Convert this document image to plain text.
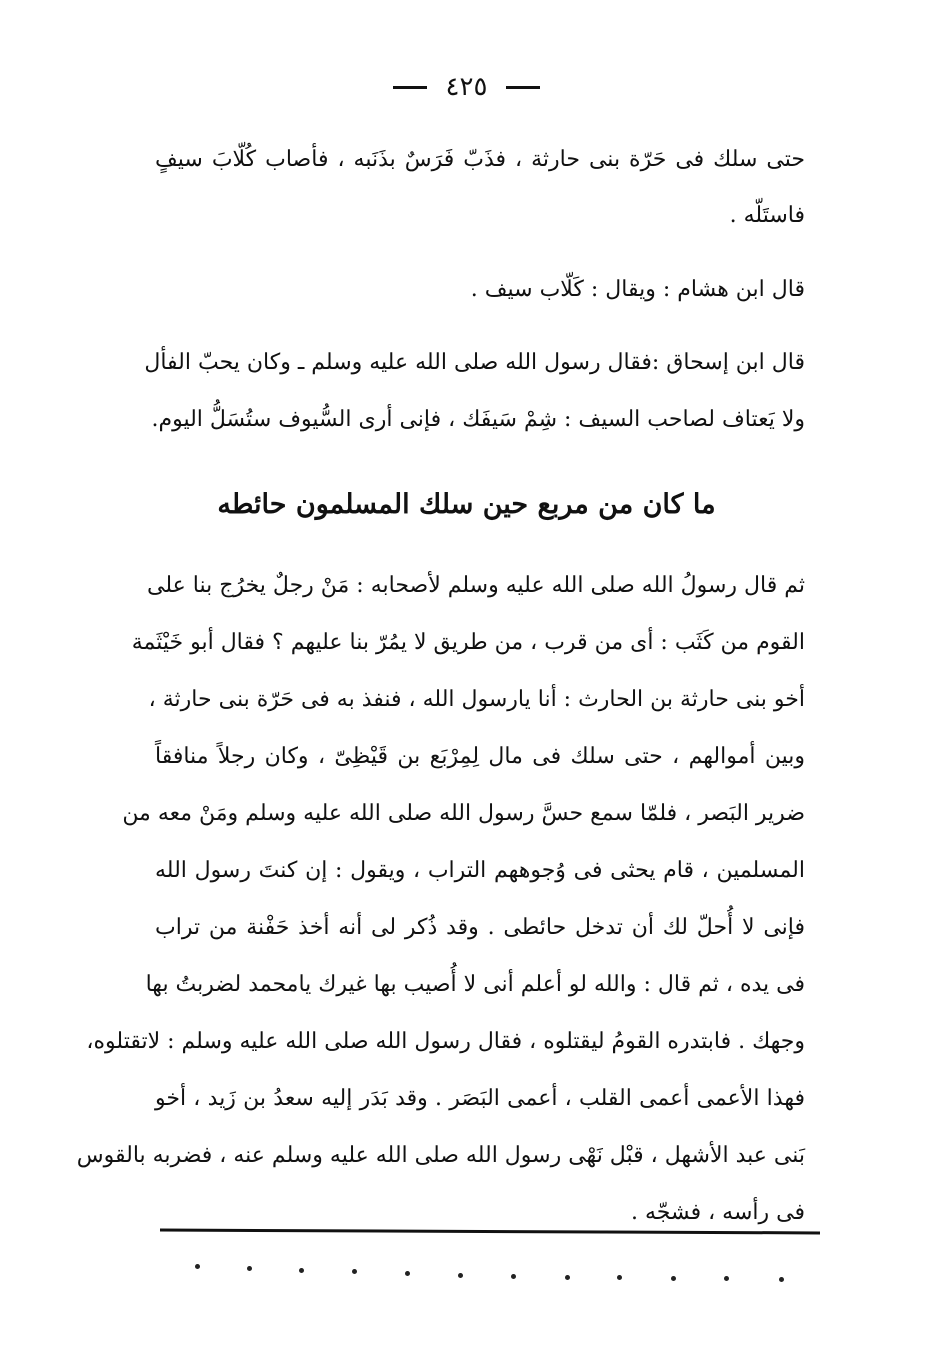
٤٢٥
حتى سلك فى حَرّة بنى حارثة ، فذَبّ فَرَسٌ بذَنَبه ، فأصاب كُلّابَ سيفٍ
فاستَلّه .
قال ابن هشام : ويقال : كَلّاب سيف .
قال ابن إسحاق :فقال رسول الله صلى الله عليه وسلم ـ وكان يحبّ الفأل
ولا يَعتاف لصاحب السيف : شِمْ سَيفَك ، فإنى أرى السُّيوف ستُسَلُّ اليوم.
ما كان من مربع حين سلك المسلمون حائطه
ثم قال رسولُ الله صلى الله عليه وسلم لأصحابه : مَنْ رجلٌ يخرُج بنا على
القوم من كَثَب : أى من قرب ، من طريق لا يمُرّ بنا عليهم ؟ فقال أبو خَيْثَمة
أخو بنى حارثة بن الحارث : أنا يارسول الله ، فنفذ به فى حَرّة بنى حارثة ،
وبين أموالهم ، حتى سلك فى مال لِمِرْبَع بن قَيْظِىّ ، وكان رجلاً منافقاً
ضرير البَصر ، فلمّا سمع حسَّ رسول الله صلى الله عليه وسلم ومَنْ معه من
المسلمين ، قام يحثى فى وُجوههم التراب ، ويقول : إن كنتَ رسول الله
فإنى لا أُحلّ لك أن تدخل حائطى . وقد ذُكر لى أنه أخذ حَفْنة من تراب
فى يده ، ثم قال : والله لو أعلم أنى لا أُصيب بها غيرك يامحمد لضربتُ بها
وجهك . فابتدره القومُ ليقتلوه ، فقال رسول الله صلى الله عليه وسلم : لاتقتلوه،
فهذا الأعمى أعمى القلب ، أعمى البَصَر . وقد بَدَر إليه سعدُ بن زَيد ، أخو
بَنى عبد الأشهل ، قبْل نَهْى رسول الله صلى الله عليه وسلم عنه ، فضربه بالقوس
فى رأسه ، فشجّه .
